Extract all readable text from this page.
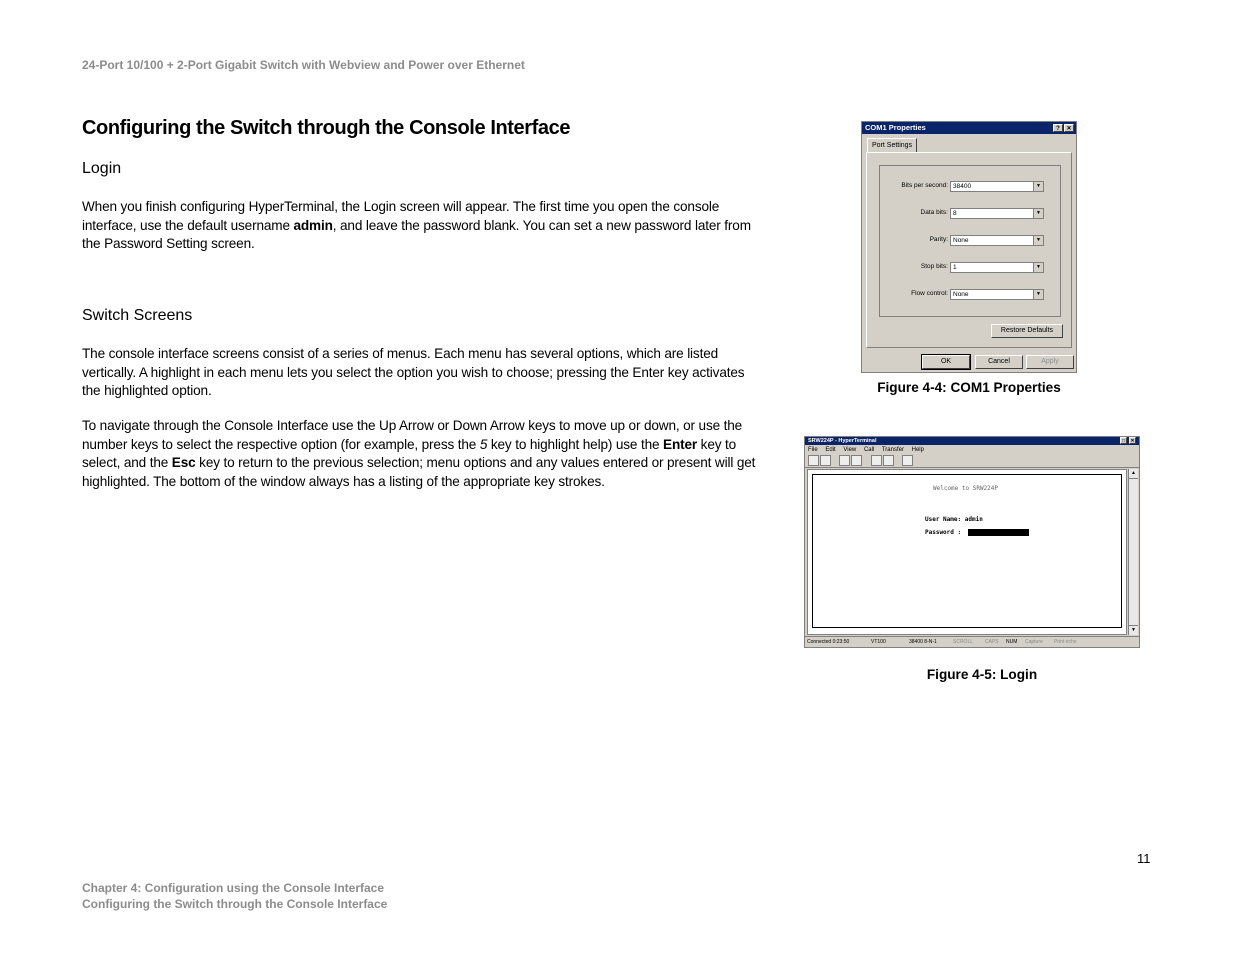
24-Port 10/100 + 2-Port Gigabit Switch with Webview and Power over Ethernet
Configuring the Switch through the Console Interface
Login
When you finish configuring HyperTerminal, the Login screen will appear. The first time you open the console interface, use the default username admin, and leave the password blank. You can set a new password later from the Password Setting screen.
Switch Screens
The console interface screens consist of a series of menus. Each menu has several options, which are listed vertically. A highlight in each menu lets you select the option you wish to choose; pressing the Enter key activates the highlighted option.
To navigate through the Console Interface use the Up Arrow or Down Arrow keys to move up or down, or use the number keys to select the respective option (for example, press the 5 key to highlight help) use the Enter key to select, and the Esc key to return to the previous selection; menu options and any values entered or present will get highlighted. The bottom of the window always has a listing of the appropriate key strokes.
COM1 Properties	?	✕
Port Settings
Bits per second: 38400	▼
Data bits: 8	▼
Parity: None	▼
Stop bits: 1	▼
Flow control: None	▼
Restore Defaults
OK	Cancel	Apply
Figure 4-4: COM1 Properties
SRW224P - HyperTerminal	□	✕
File Edit View Call Transfer Help

Welcome to SRW224P
User Name: admin
Password :
▲
▼
Connected 0:23:50	VT100	38400 8-N-1	SCROLL CAPS NUM Capture Print echo
Figure 4-5: Login
11
Chapter 4: Configuration using the Console Interface
Configuring the Switch through the Console Interface
